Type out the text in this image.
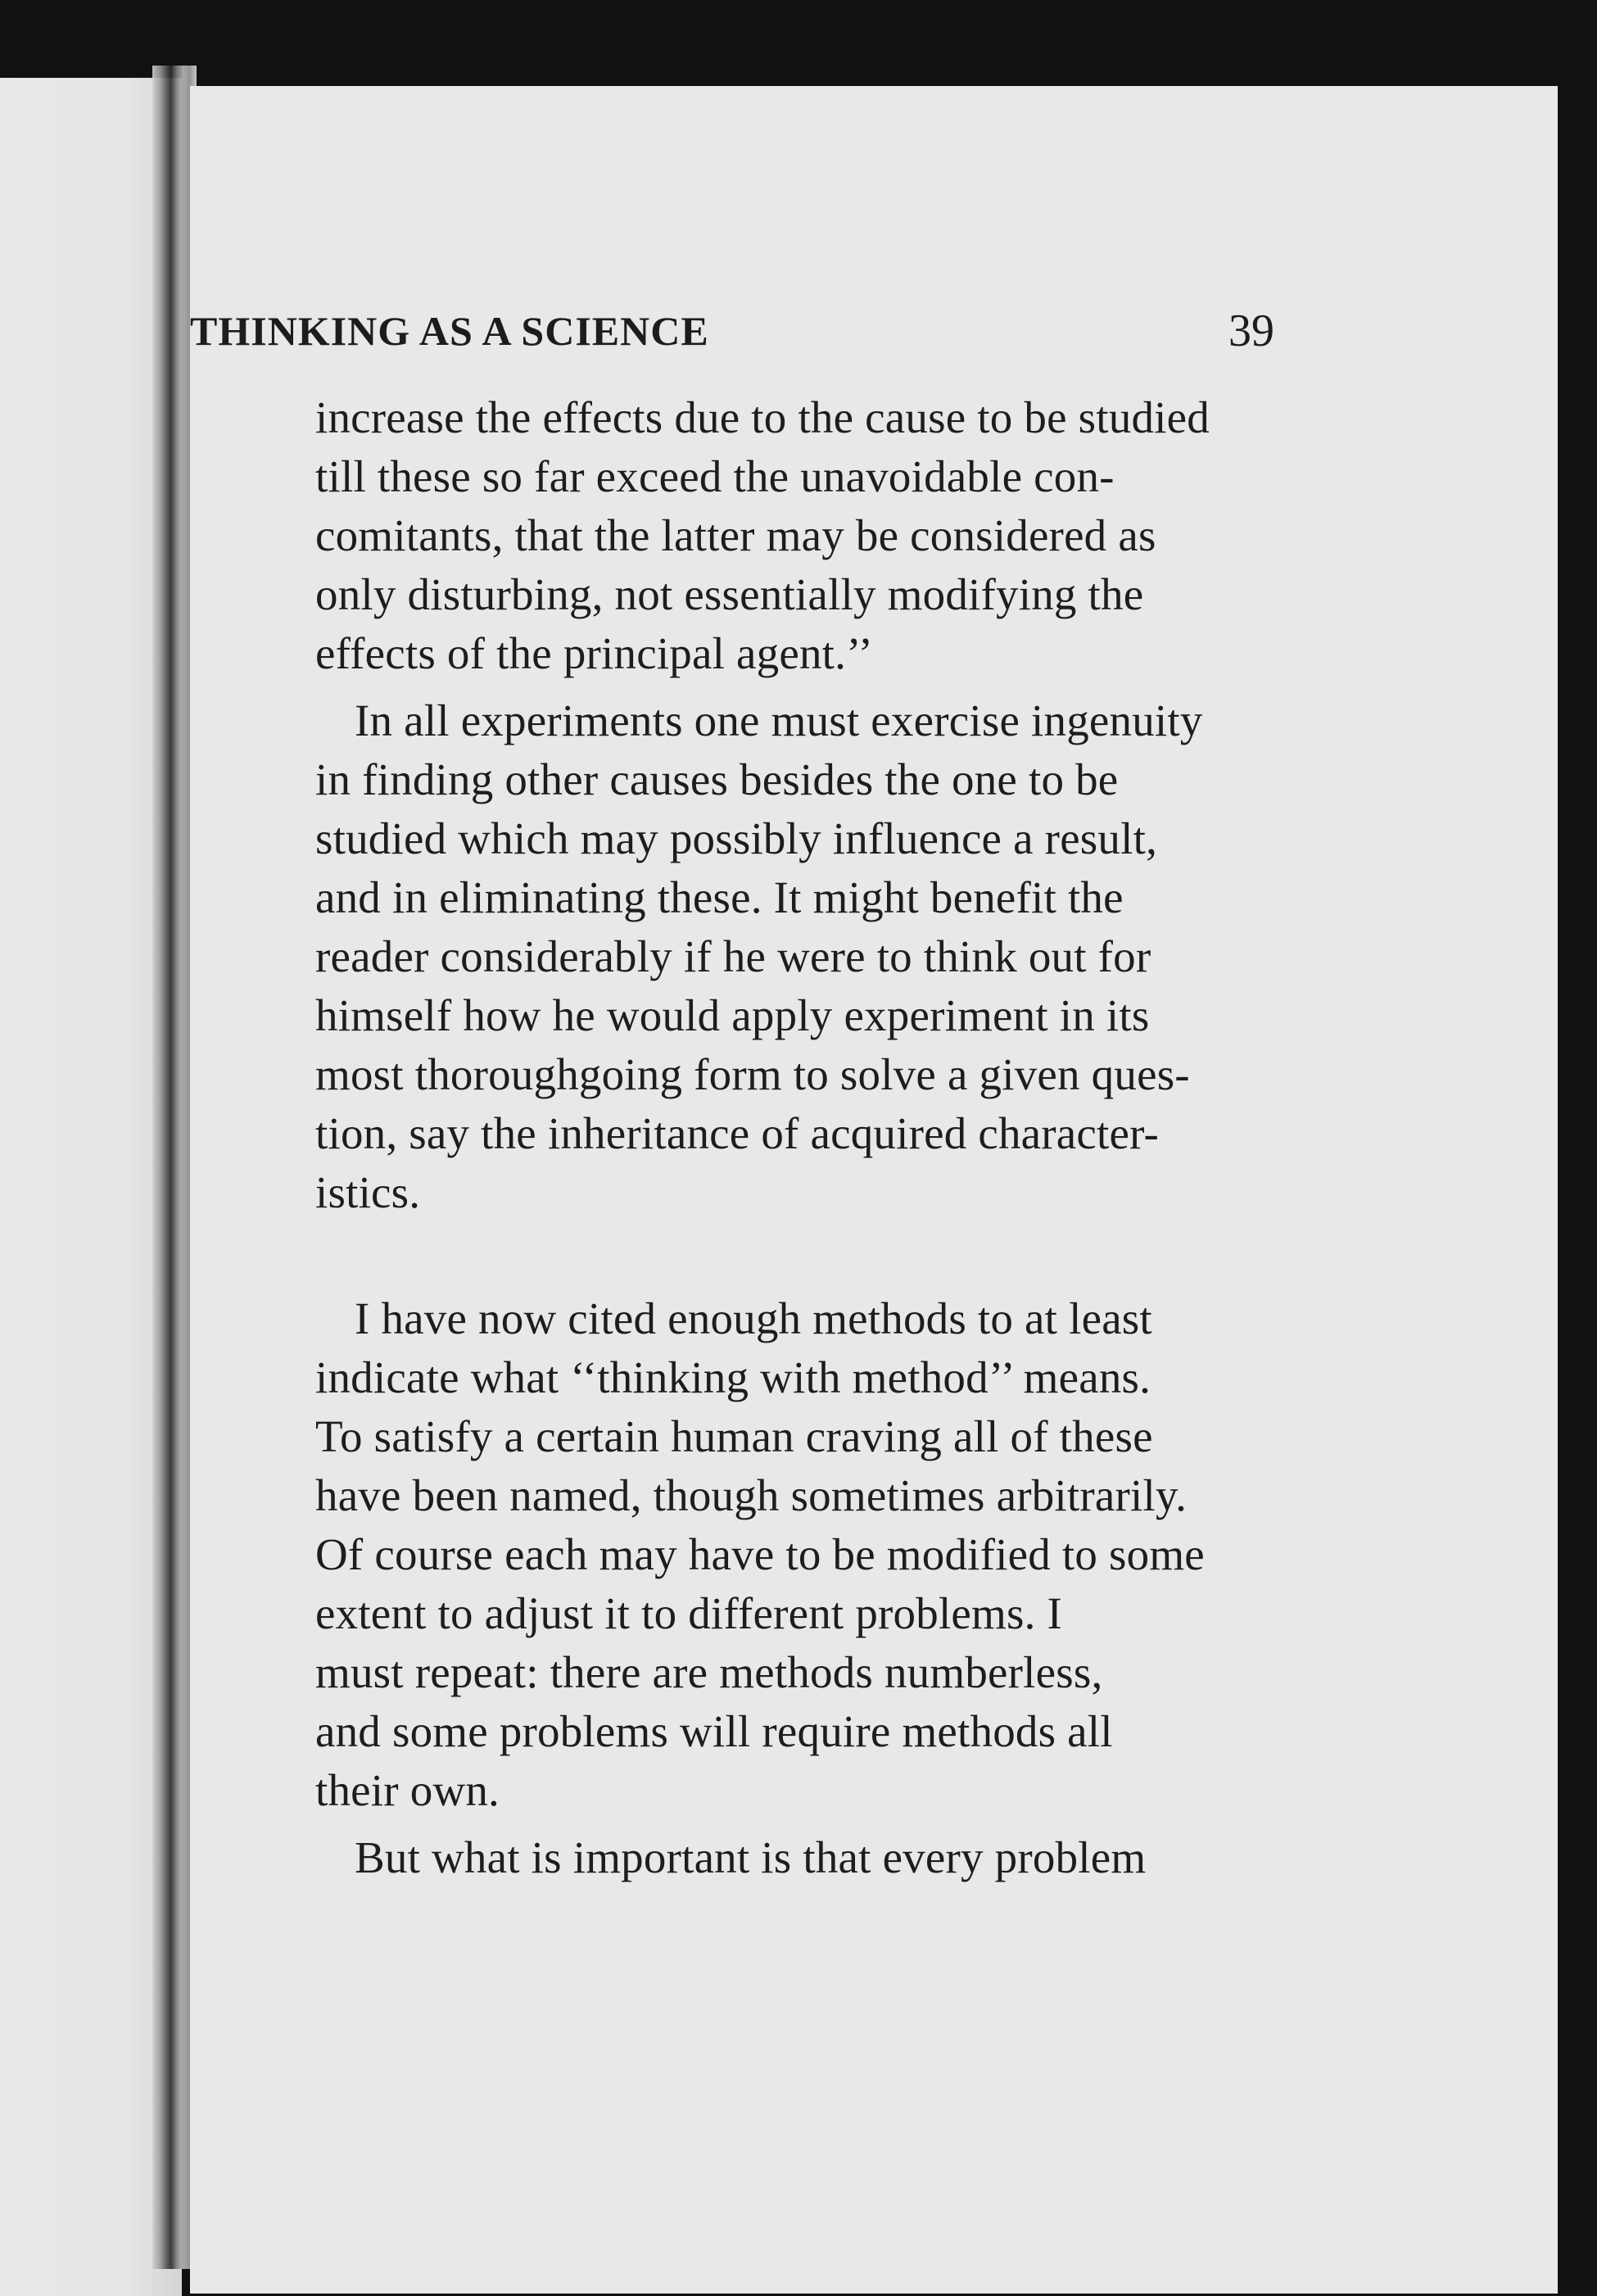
THINKING AS A SCIENCE	39
increase the effects due to the cause to be studied
till these so far exceed the unavoidable con-
comitants, that the latter may be considered as
only disturbing, not essentially modifying the
effects of the principal agent.’’
In all experiments one must exercise ingenuity
in finding other causes besides the one to be
studied which may possibly influence a result,
and in eliminating these. It might benefit the
reader considerably if he were to think out for
himself how he would apply experiment in its
most thoroughgoing form to solve a given ques-
tion, say the inheritance of acquired character-
istics.
I have now cited enough methods to at least
indicate what ‘‘thinking with method’’ means.
To satisfy a certain human craving all of these
have been named, though sometimes arbitrarily.
Of course each may have to be modified to some
extent to adjust it to different problems. I
must repeat: there are methods numberless,
and some problems will require methods all
their own.
But what is important is that every problem
